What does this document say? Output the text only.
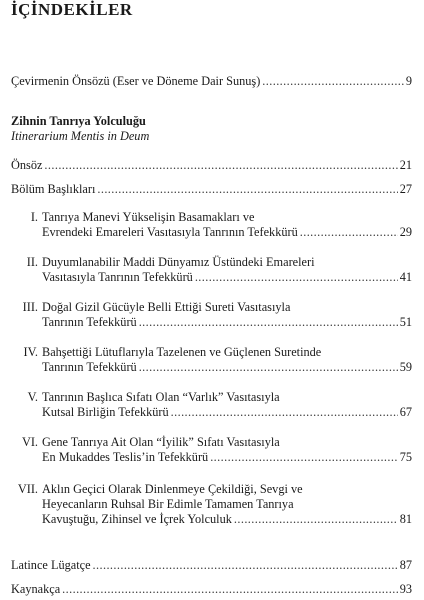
İÇİNDEKİLER
Çevirmenin Önsözü (Eser ve Döneme Dair Sunuş) .....	9
Zihnin Tanrıya Yolculuğu
Itinerarium Mentis in Deum
Önsöz .....	21
Bölüm Başlıkları .....	27
I. Tanrıya Manevi Yükselişin Basamakları ve
Evrendeki Emareleri Vasıtasıyla Tanrının Tefekkürü .....	29
II. Duyumlanabilir Maddi Dünyamız Üstündeki Emareleri
Vasıtasıyla Tanrının Tefekkürü .....	41
III. Doğal Gizil Gücüyle Belli Ettiği Sureti Vasıtasıyla
Tanrının Tefekkürü .....	51
IV. Bahşettiği Lütuflarıyla Tazelenen ve Güçlenen Suretinde
Tanrının Tefekkürü .....	59
V. Tanrının Başlıca Sıfatı Olan “Varlık” Vasıtasıyla
Kutsal Birliğin Tefekkürü .....	67
VI. Gene Tanrıya Ait Olan “İyilik” Sıfatı Vasıtasıyla
En Mukaddes Teslis’in Tefekkürü .....	75
VII. Aklın Geçici Olarak Dinlenmeye Çekildiği, Sevgi ve
Heyecanların Ruhsal Bir Edimle Tamamen Tanrıya
Kavuştuğu, Zihinsel ve İçrek Yolculuk .....	81
Latince Lügatçe .....	87
Kaynakça .....	93
